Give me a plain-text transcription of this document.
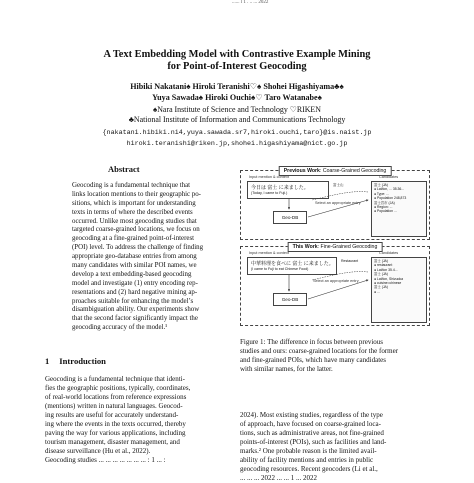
...... l 1 . .. ... 2022
A Text Embedding Model with Contrastive Example Mining
for Point-of-Interest Geocoding
Hibiki Nakatani♠ Hiroki Teranishi♡♠ Shohei Higashiyama♣♠
Yuya Sawada♠ Hiroki Ouchi♠♡ Taro Watanabe♠
♠Nara Institute of Science and Technology ♡RIKEN
♣National Institute of Information and Communications Technology
{nakatani.hibiki.ni4,yuya.sawada.sr7,hiroki.ouchi,taro}@is.naist.jp
hiroki.teranishi@riken.jp,shohei.higashiyama@nict.go.jp
Abstract
Geocoding is a fundamental technique that
links location mentions to their geographic po-
sitions, which is important for understanding
texts in terms of where the described events
occurred. Unlike most geocoding studies that
targeted coarse-grained locations, we focus on
geocoding at a fine-grained point-of-interest
(POI) level. To address the challenge of finding
appropriate geo-database entries from among
many candidates with similar POI names, we
develop a text embedding-based geocoding
model and investigate (1) entry encoding rep-
resentations and (2) hard negative mining ap-
proaches suitable for enhancing the model’s
disambiguation ability. Our experiments show
that the second factor significantly impact the
geocoding accuracy of the model.¹
1 Introduction
Geocoding is a fundamental technique that identi-
fies the geographic positions, typically, coordinates,
of real-world locations from reference expressions
(mentions) written in natural languages. Geocod-
ing results are useful for accurately understand-
ing where the events in the texts occurred, thereby
paving the way for various applications, including
tourism management, disaster management, and
disease surveillance (Hu et al., 2022).
Geocoding studies ... ... ... ... ... ... ... : 1 ... :
Previous Work: Coarse-Grained Geocoding
Input mention & context	Candidates
今日は 富士 に来ました。
(Today, I came to Fuji.)
富士山
Select an appropriate entry
Geo-DB
富士 (JA)
● Lat/lon, ... 35.36...
● Type: ...
● Population 248,873
富士宮市 (JA)
● Region: ...
● Population ...
This Work: Fine-Grained Geocoding
Input mention & context	Candidates
中華料理を食べに 富士 に来ました。
(I came to Fuji to eat Chinese Food)
Restaurant
Select an appropriate entry
Geo-DB
富士 (JA)
● restaurant
● Lat/lon 35.4...
富士 (JA)
● Lat/lon, Shizuoka
● cuisine=chinese
富士 (JA)
● ...
Figure 1: The difference in focus between previous
studies and ours: coarse-grained locations for the former
and fine-grained POIs, which have many candidates
with similar names, for the latter.
2024). Most existing studies, regardless of the type
of approach, have focused on coarse-grained loca-
tions, such as administrative areas, not fine-grained
points-of-interest (POIs), such as facilities and land-
marks.² One probable reason is the limited avail-
ability of facility mentions and entries in public
geocoding resources. Recent geocoders (Li et al.,
... ... ... 2022 ... ... 1 ... 2022
